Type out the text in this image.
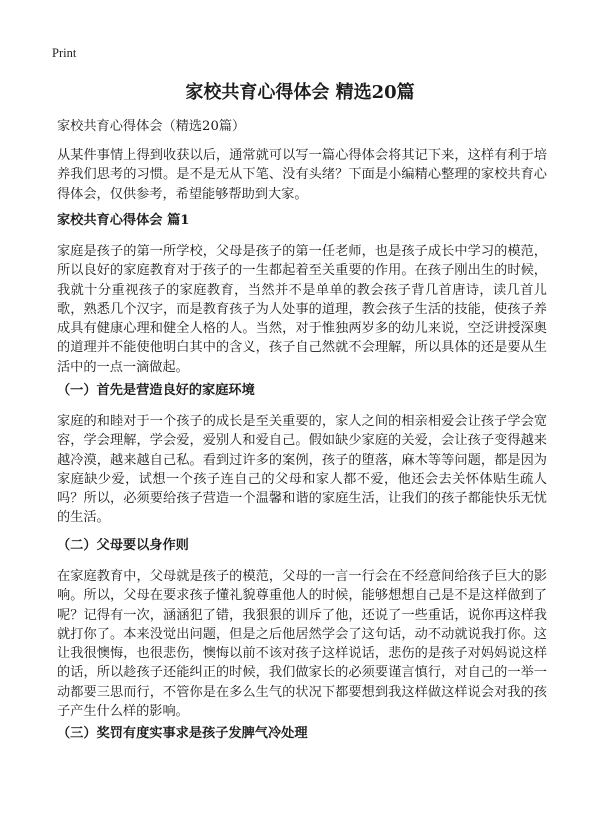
Print
家校共育心得体会 精选20篇

家校共育心得体会（精选20篇）

从某件事情上得到收获以后，通常就可以写一篇心得体会将其记下来，这样有利于培养我们思考的习惯。是不是无从下笔、没有头绪？下面是小编精心整理的家校共育心得体会，仅供参考，希望能够帮助到大家。

家校共育心得体会 篇1

家庭是孩子的第一所学校，父母是孩子的第一任老师，也是孩子成长中学习的模范，所以良好的家庭教育对于孩子的一生都起着至关重要的作用。在孩子刚出生的时候，我就十分重视孩子的家庭教育，当然并不是单单的教会孩子背几首唐诗，读几首儿歌，熟悉几个汉字，而是教育孩子为人处事的道理，教会孩子生活的技能，使孩子养成具有健康心理和健全人格的人。当然，对于惟独两岁多的幼儿来说，空泛讲授深奥的道理并不能使他明白其中的含义，孩子自己然就不会理解，所以具体的还是要从生活中的一点一滴做起。

（一）首先是营造良好的家庭环境

家庭的和睦对于一个孩子的成长是至关重要的，家人之间的相亲相爱会让孩子学会宽容，学会理解，学会爱，爱别人和爱自己。假如缺少家庭的关爱，会让孩子变得越来越冷漠，越来越自己私。看到过许多的案例，孩子的堕落，麻木等等问题，都是因为家庭缺少爱，试想一个孩子连自己的父母和家人都不爱，他还会去关怀体贴生疏人吗？所以，必须要给孩子营造一个温馨和谐的家庭生活，让我们的孩子都能快乐无忧的生活。

（二）父母要以身作则

在家庭教育中，父母就是孩子的模范，父母的一言一行会在不经意间给孩子巨大的影响。所以，父母在要求孩子懂礼貌尊重他人的时候，能够想想自己是不是这样做到了呢？记得有一次，涵涵犯了错，我狠狠的训斥了他，还说了一些重话，说你再这样我就打你了。本来没觉出问题，但是之后他居然学会了这句话，动不动就说我打你。这让我很懊悔，也很悲伤，懊悔以前不该对孩子这样说话，悲伤的是孩子对妈妈说这样的话，所以趁孩子还能纠正的时候，我们做家长的必须要谨言慎行，对自己的一举一动都要三思而行，不管你是在多么生气的状况下都要想到我这样做这样说会对我的孩子产生什么样的影响。

（三）奖罚有度实事求是孩子发脾气冷处理
